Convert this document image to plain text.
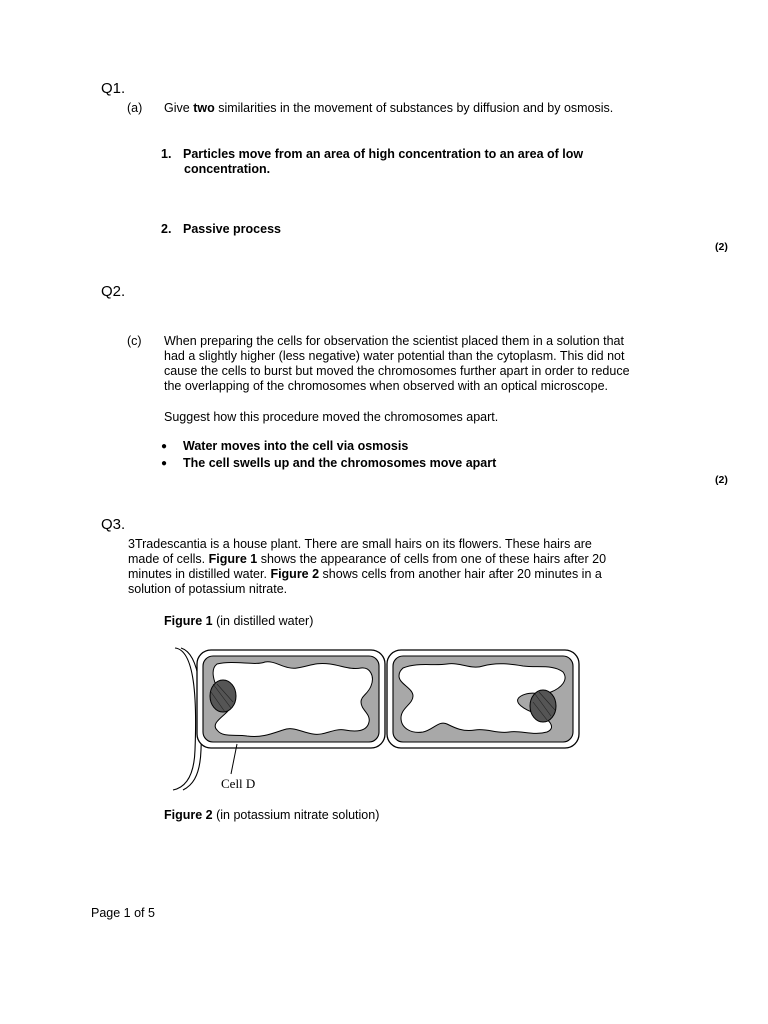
Q1.
(a) Give two similarities in the movement of substances by diffusion and by osmosis.
1. Particles move from an area of high concentration to an area of low
concentration.
2. Passive process
(2)
Q2.
(c) When preparing the cells for observation the scientist placed them in a solution that
had a slightly higher (less negative) water potential than the cytoplasm. This did not
cause the cells to burst but moved the chromosomes further apart in order to reduce
the overlapping of the chromosomes when observed with an optical microscope.
Suggest how this procedure moved the chromosomes apart.
● Water moves into the cell via osmosis
● The cell swells up and the chromosomes move apart
(2)
Q3.
3Tradescantia is a house plant. There are small hairs on its flowers. These hairs are
made of cells. Figure 1 shows the appearance of cells from one of these hairs after 20
minutes in distilled water. Figure 2 shows cells from another hair after 20 minutes in a
solution of potassium nitrate.
Figure 1 (in distilled water)
Cell D
Figure 2 (in potassium nitrate solution)
Page 1 of 5
